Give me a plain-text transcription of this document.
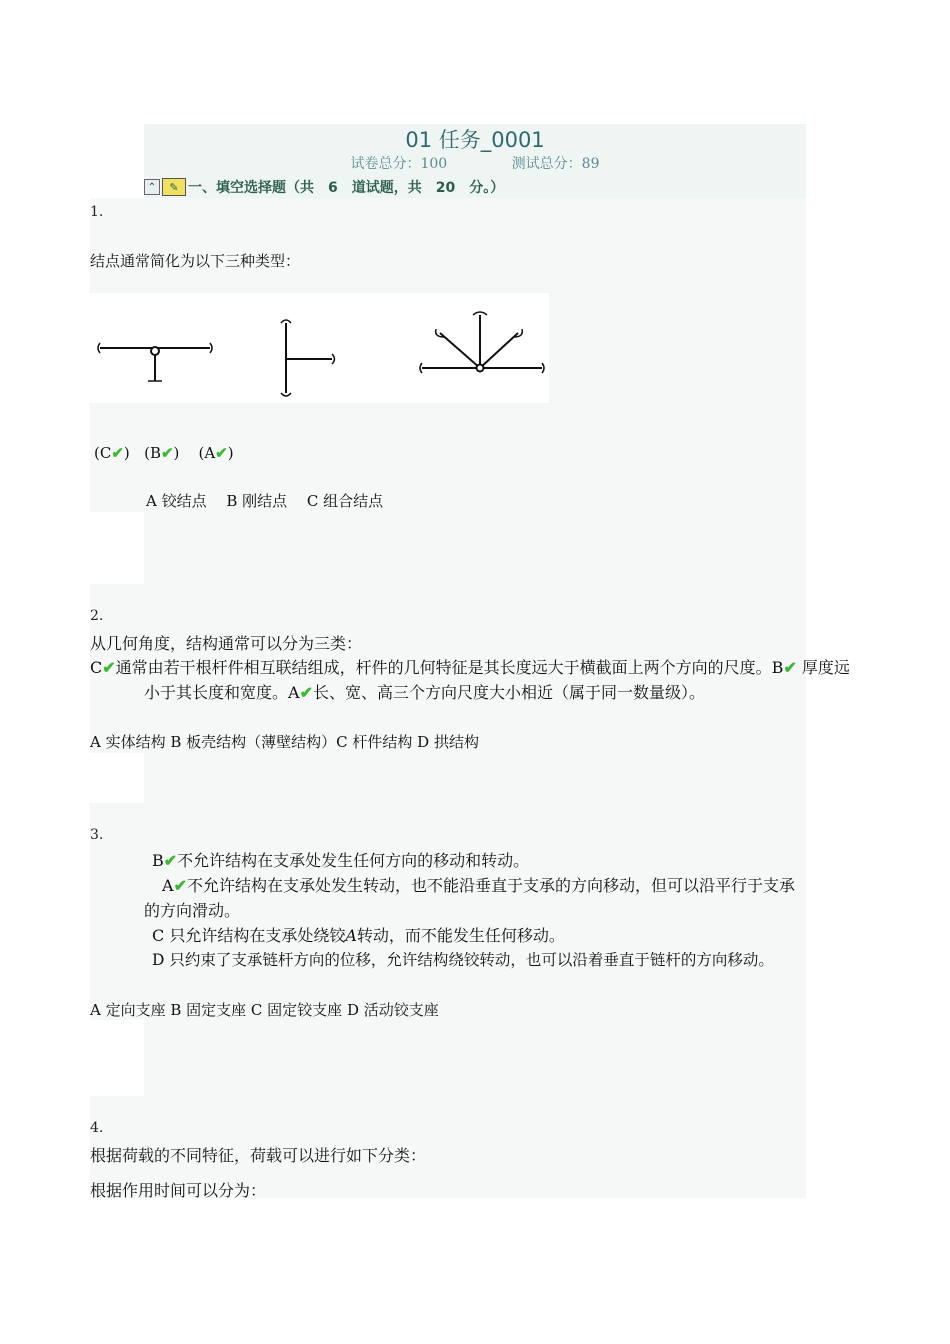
01 任务_0001
试卷总分：100	测试总分：89
⌃	✎ 一、填空选择题（共　6　道试题，共　20　分。）
1.
结点通常简化为以下三种类型：
(C✔) (B✔) (A✔)
A 铰结点　 B 刚结点　 C 组合结点
2.
从几何角度，结构通常可以分为三类：
C✔通常由若干根杆件相互联结组成，杆件的几何特征是其长度远大于横截面上两个方向的尺度。B✔ 厚度远小于其长度和宽度。A✔长、宽、高三个方向尺度大小相近（属于同一数量级）。
A 实体结构 B 板壳结构（薄壁结构）C 杆件结构 D 拱结构
3.
B✔不允许结构在支承处发生任何方向的移动和转动。
A✔不允许结构在支承处发生转动，也不能沿垂直于支承的方向移动，但可以沿平行于支承的方向滑动。
C 只允许结构在支承处绕铰A转动，而不能发生任何移动。
D 只约束了支承链杆方向的位移，允许结构绕铰转动，也可以沿着垂直于链杆的方向移动。
A 定向支座 B 固定支座 C 固定铰支座 D 活动铰支座
4.
根据荷载的不同特征，荷载可以进行如下分类：
根据作用时间可以分为：
